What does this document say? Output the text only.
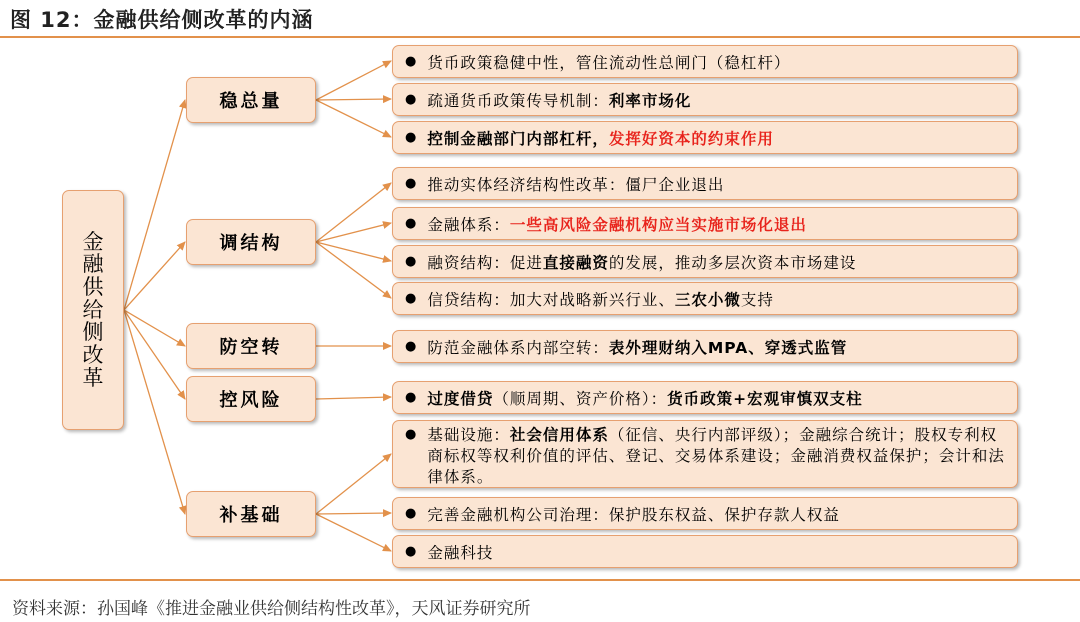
图 12：金融供给侧改革的内涵
金融供给侧改革
稳总量
调结构
防空转
控风险
补基础
● 货币政策稳健中性，管住流动性总闸门（稳杠杆）
● 疏通货币政策传导机制：利率市场化
● 控制金融部门内部杠杆，发挥好资本的约束作用
● 推动实体经济结构性改革：僵尸企业退出
● 金融体系：一些高风险金融机构应当实施市场化退出
● 融资结构：促进直接融资的发展，推动多层次资本市场建设
● 信贷结构：加大对战略新兴行业、三农小微支持
● 防范金融体系内部空转：表外理财纳入MPA、穿透式监管
● 过度借贷（顺周期、资产价格）：货币政策+宏观审慎双支柱
● 基础设施：社会信用体系（征信、央行内部评级）；金融综合统计；股权专利权商标权等权利价值的评估、登记、交易体系建设；金融消费权益保护；会计和法律体系。
● 完善金融机构公司治理：保护股东权益、保护存款人权益
● 金融科技
资料来源：孙国峰《推进金融业供给侧结构性改革》，天风证券研究所
